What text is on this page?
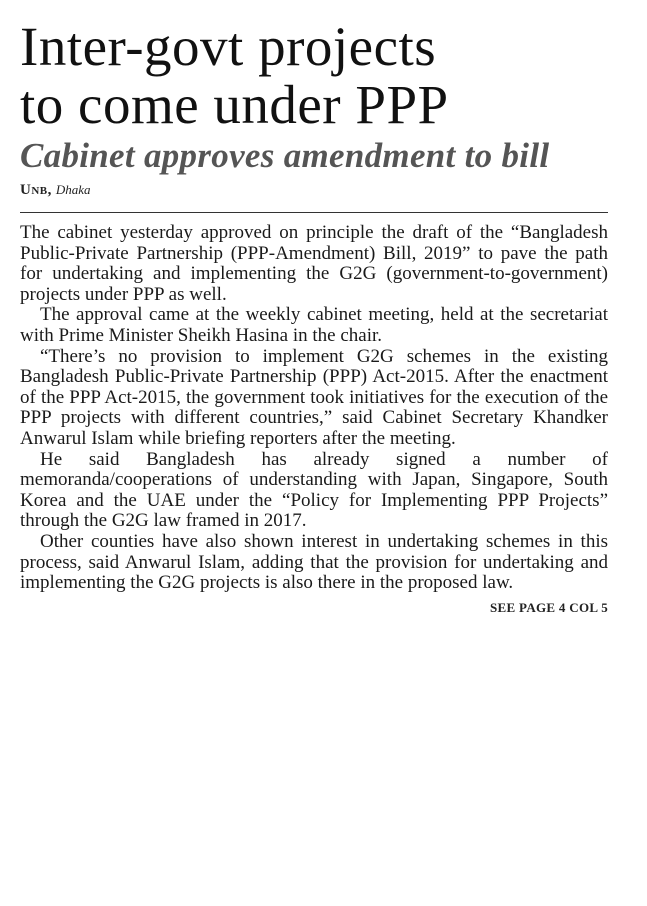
Inter-govt projects
to come under PPP
Cabinet approves amendment to bill
Unb, Dhaka

The cabinet yesterday approved on principle the draft of the “Bangladesh Public-Private Partnership (PPP-Amendment) Bill, 2019” to pave the path for undertaking and implementing the G2G (government-to-government) projects under PPP as well.

The approval came at the weekly cabinet meeting, held at the secretariat with Prime Minister Sheikh Hasina in the chair.

“There’s no provision to implement G2G schemes in the existing Bangladesh Public-Private Partnership (PPP) Act-2015. After the enactment of the PPP Act-2015, the government took initiatives for the execution of the PPP projects with different countries,” said Cabinet Secretary Khandker Anwarul Islam while briefing reporters after the meeting.

He said Bangladesh has already signed a number of memoranda/cooperations of understanding with Japan, Singapore, South Korea and the UAE under the “Policy for Implementing PPP Projects” through the G2G law framed in 2017.

Other counties have also shown interest in undertaking schemes in this process, said Anwarul Islam, adding that the provision for undertaking and implementing the G2G projects is also there in the proposed law.

SEE PAGE 4 COL 5
